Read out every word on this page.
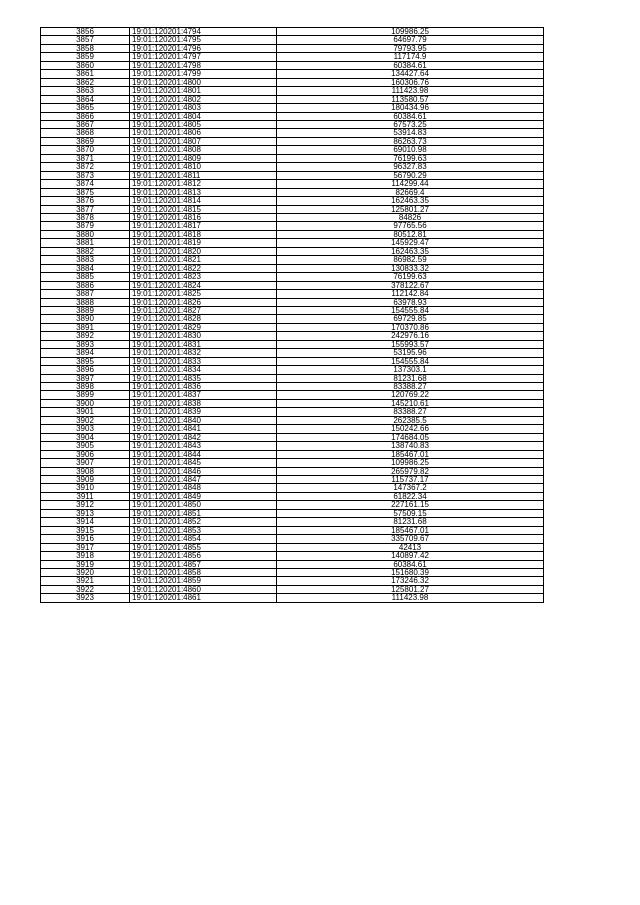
3856	19:01:120201:4794	109986.25
3857	19:01:120201:4795	64697.79
3858	19:01:120201:4796	79793.95
3859	19:01:120201:4797	117174.9
3860	19:01:120201:4798	60384.61
3861	19:01:120201:4799	134427.64
3862	19:01:120201:4800	160306.76
3863	19:01:120201:4801	111423.98
3864	19:01:120201:4802	113580.57
3865	19:01:120201:4803	180434.96
3866	19:01:120201:4804	60384.61
3867	19:01:120201:4805	67573.25
3868	19:01:120201:4806	53914.83
3869	19:01:120201:4807	86263.73
3870	19:01:120201:4808	69010.98
3871	19:01:120201:4809	76199.63
3872	19:01:120201:4810	96327.83
3873	19:01:120201:4811	56790.29
3874	19:01:120201:4812	114299.44
3875	19:01:120201:4813	82669.4
3876	19:01:120201:4814	162463.35
3877	19:01:120201:4815	125801.27
3878	19:01:120201:4816	84826
3879	19:01:120201:4817	97765.56
3880	19:01:120201:4818	80512.81
3881	19:01:120201:4819	145929.47
3882	19:01:120201:4820	162463.35
3883	19:01:120201:4821	86982.59
3884	19:01:120201:4822	130833.32
3885	19:01:120201:4823	76199.63
3886	19:01:120201:4824	378122.67
3887	19:01:120201:4825	112142.84
3888	19:01:120201:4826	63978.93
3889	19:01:120201:4827	154555.84
3890	19:01:120201:4828	69729.85
3891	19:01:120201:4829	170370.86
3892	19:01:120201:4830	242976.16
3893	19:01:120201:4831	155993.57
3894	19:01:120201:4832	53195.96
3895	19:01:120201:4833	154555.84
3896	19:01:120201:4834	137303.1
3897	19:01:120201:4835	81231.68
3898	19:01:120201:4836	83388.27
3899	19:01:120201:4837	120769.22
3900	19:01:120201:4838	145210.61
3901	19:01:120201:4839	83388.27
3902	19:01:120201:4840	262385.5
3903	19:01:120201:4841	150242.66
3904	19:01:120201:4842	174684.05
3905	19:01:120201:4843	138740.83
3906	19:01:120201:4844	185467.01
3907	19:01:120201:4845	109986.25
3908	19:01:120201:4846	265979.82
3909	19:01:120201:4847	115737.17
3910	19:01:120201:4848	147367.2
3911	19:01:120201:4849	61822.34
3912	19:01:120201:4850	227161.15
3913	19:01:120201:4851	57509.15
3914	19:01:120201:4852	81231.68
3915	19:01:120201:4853	185467.01
3916	19:01:120201:4854	335709.67
3917	19:01:120201:4855	42413
3918	19:01:120201:4856	140897.42
3919	19:01:120201:4857	60384.61
3920	19:01:120201:4858	151680.39
3921	19:01:120201:4859	173246.32
3922	19:01:120201:4860	125801.27
3923	19:01:120201:4861	111423.98
